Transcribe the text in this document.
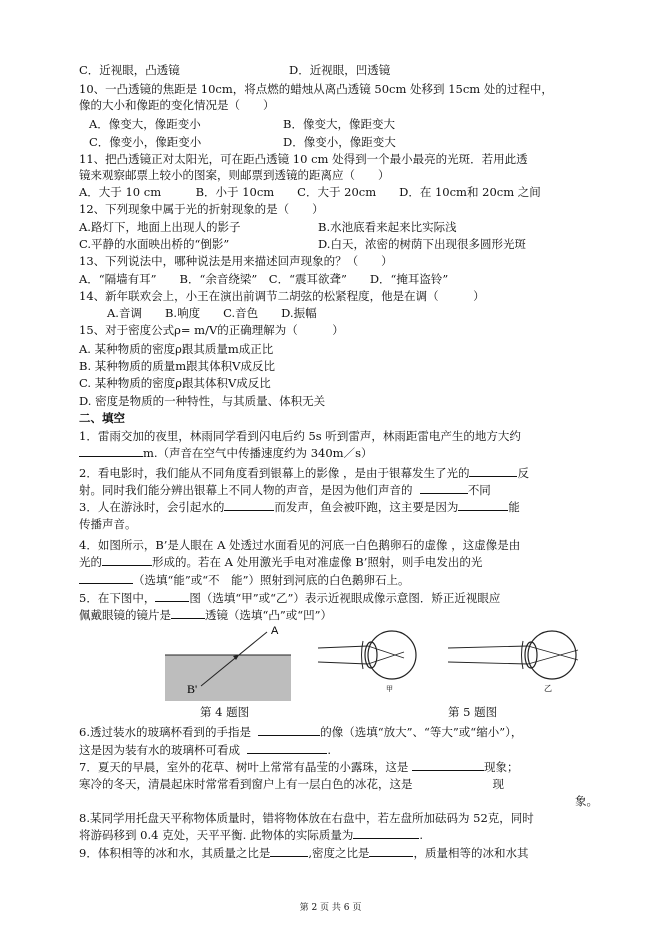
C．近视眼，凸透镜	D．近视眼，凹透镜
10、一凸透镜的焦距是 10cm，将点燃的蜡烛从离凸透镜 50cm 处移到 15cm 处的过程中，
像的大小和像距的变化情况是（　　）
A．像变大，像距变小	B．像变大，像距变大
C．像变小，像距变小	D．像变小，像距变大
11、把凸透镜正对太阳光，可在距凸透镜 10 cm 处得到一个最小最亮的光斑．若用此透
镜来观察邮票上较小的图案，则邮票到透镜的距离应（　　）
A．大于 10 cm　　　B．小于 10cm　　C．大于 20cm　　D．在 10cm和 20cm 之间
12、下列现象中属于光的折射现象的是（　　）
A.路灯下，地面上出现人的影子	B.水池底看来起来比实际浅
C.平静的水面映出桥的“倒影”	D.白天，浓密的树荫下出现很多圆形光斑
13、下列说法中，哪种说法是用来描述回声现象的？（　　）
A．“隔墙有耳”　　B．“余音绕梁”　C．“震耳欲聋”　　D．“掩耳盗铃”
14、新年联欢会上，小王在演出前调节二胡弦的松紧程度，他是在调（　　　）
A.音调　　B.响度　　C.音色　　D.振幅
15、对于密度公式ρ= m/V的正确理解为（　　　）
A. 某种物质的密度ρ跟其质量m成正比
B. 某种物质的质量m跟其体积V成反比
C. 某种物质的密度ρ跟其体积V成反比
D. 密度是物质的一种特性，与其质量、体积无关
二、填空
1．雷雨交加的夜里，林雨同学看到闪电后约 5s 听到雷声，林雨距雷电产生的地方大约
m.（声音在空气中传播速度约为 340m／s）
2．看电影时，我们能从不同角度看到银幕上的影像 ，是由于银幕发生了光的	反
射。同时我们能分辨出银幕上不同人物的声音，是因为他们声音的	不同
3．人在游泳时，会引起水的	而发声，鱼会被吓跑，这主要是因为	能
传播声音。
4．如图所示，B’是人眼在 A 处透过水面看见的河底一白色鹅卵石的虚像 ，这虚像是由
光的	形成的。若在 A 处用激光手电对准虚像 B’照射，则手电发出的光
（选填“能”或“不　能”）照射到河底的白色鹅卵石上。
5．在下图中，	图（选填“甲”或“乙”）表示近视眼成像示意图．矫正近视眼应
佩戴眼镜的镜片是	透镜（选填“凸”或“凹”）
A
B'
第 4 题图
甲	乙
第 5 题图
6.透过装水的玻璃杯看到的手指是	的像（选填“放大”、“等大”或“缩小”），
这是因为装有水的玻璃杯可看成	.
7．夏天的早晨，室外的花草、树叶上常常有晶莹的小露珠，这是	现象；
寒冷的冬天，清晨起床时常常看到窗户上有一层白色的冰花，这是	现
象。
8.某同学用托盘天平称物体质量时，错将物体放在右盘中，若左盘所加砝码为 52克，同时
将游码移到 0.4 克处，天平平衡. 此物体的实际质量为	.
9．体积相等的冰和水，其质量之比是	,密度之比是	，质量相等的冰和水其
第 2 页 共 6 页
